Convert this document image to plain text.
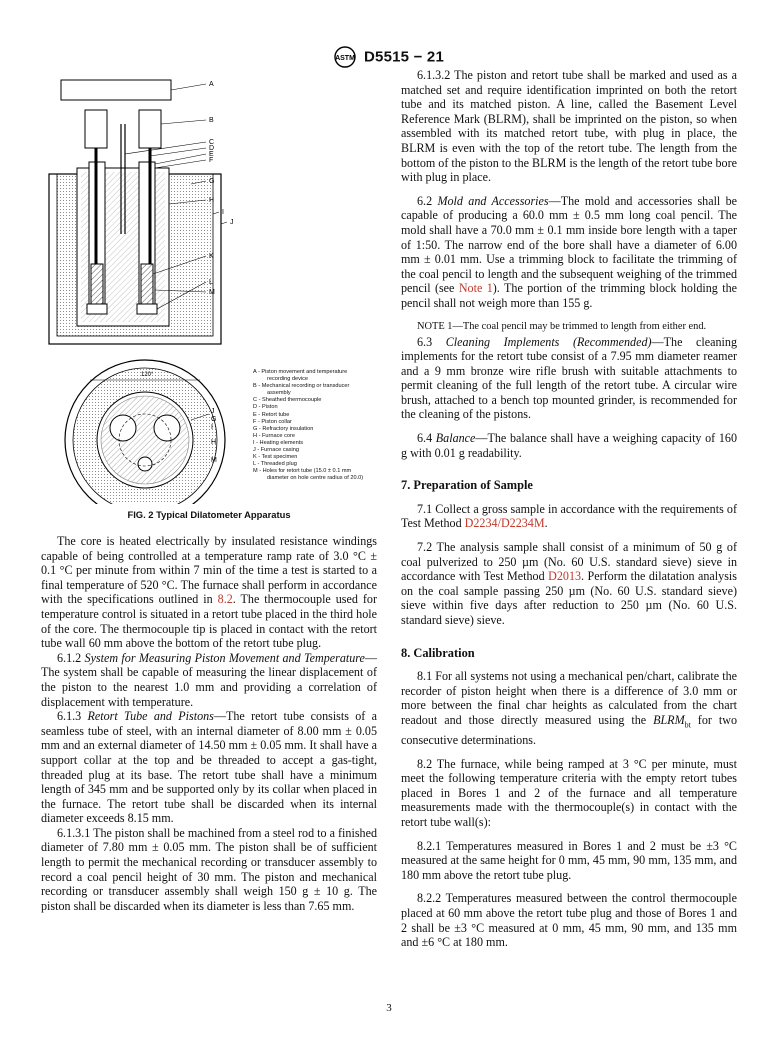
ASTM D5515 − 21
A
B
C
D
E
F
G
H
I
J
K
L
M
120°
J
G
I
H
M
A - Piston movement and temperature
recording device
B - Mechanical recording or transducer
assembly
C - Sheathed thermocouple
D - Piston
E - Retort tube
F - Piston collar
G - Refractory insulation
H - Furnace core
I - Heating elements
J - Furnace casing
K - Test specimen
L - Threaded plug
M - Holes for retort tube (15.0 ± 0.1 mm
diameter on hole centre radius of 20.0)
FIG. 2 Typical Dilatometer Apparatus

The core is heated electrically by insulated resistance windings capable of being controlled at a temperature ramp rate of 3.0 °C ± 0.1 °C per minute from within 7 min of the time a test is started to a final temperature of 520 °C. The furnace shall perform in accordance with the specifications outlined in 8.2. The thermocouple used for temperature control is situated in a retort tube placed in the third hole of the core. The thermocouple tip is placed in contact with the retort tube wall 60 mm above the bottom of the retort tube plug.

6.1.2 System for Measuring Piston Movement and Temperature—The system shall be capable of measuring the linear displacement of the piston to the nearest 1.0 mm and providing a correlation of displacement with temperature.

6.1.3 Retort Tube and Pistons—The retort tube consists of a seamless tube of steel, with an internal diameter of 8.00 mm ± 0.05 mm and an external diameter of 14.50 mm ± 0.05 mm. It shall have a support collar at the top and be threaded to accept a gas-tight, threaded plug at its base. The retort tube shall have a minimum length of 345 mm and be supported only by its collar when placed in the furnace. The retort tube shall be discarded when its internal diameter exceeds 8.15 mm.

6.1.3.1 The piston shall be machined from a steel rod to a finished diameter of 7.80 mm ± 0.05 mm. The piston shall be of sufficient length to permit the mechanical recording or transducer assembly to record a coal pencil height of 30 mm. The piston and mechanical recording or transducer assembly shall weigh 150 g ± 10 g. The piston shall be discarded when its diameter is less than 7.65 mm.

6.1.3.2 The piston and retort tube shall be marked and used as a matched set and require identification imprinted on both the retort tube and its matched piston. A line, called the Basement Level Reference Mark (BLRM), shall be imprinted on the piston, so when assembled with its matched retort tube, with plug in place, the BLRM is even with the top of the retort tube. The length from the bottom of the piston to the BLRM is the length of the retort tube bore with plug in place.

6.2 Mold and Accessories—The mold and accessories shall be capable of producing a 60.0 mm ± 0.5 mm long coal pencil. The mold shall have a 70.0 mm ± 0.1 mm inside bore length with a taper of 1:50. The narrow end of the bore shall have a diameter of 6.00 mm ± 0.01 mm. Use a trimming block to facilitate the trimming of the coal pencil to length and the subsequent weighing of the trimmed pencil (see Note 1). The portion of the trimming block holding the pencil shall not weigh more than 155 g.

NOTE 1—The coal pencil may be trimmed to length from either end.

6.3 Cleaning Implements (Recommended)—The cleaning implements for the retort tube consist of a 7.95 mm diameter reamer and a 9 mm bronze wire rifle brush with suitable attachments to permit cleaning of the full length of the retort tube. A circular wire brush, attached to a bench top mounted grinder, is recommended for the cleaning of the pistons.

6.4 Balance—The balance shall have a weighing capacity of 160 g with 0.01 g readability.

7. Preparation of Sample

7.1 Collect a gross sample in accordance with the requirements of Test Method D2234/D2234M.

7.2 The analysis sample shall consist of a minimum of 50 g of coal pulverized to 250 µm (No. 60 U.S. standard sieve) sieve in accordance with Test Method D2013. Perform the dilatation analysis on the coal sample passing 250 µm (No. 60 U.S. standard sieve) sieve within five days after reduction to 250 µm (No. 60 U.S. standard sieve) sieve.

8. Calibration

8.1 For all systems not using a mechanical pen/chart, calibrate the recorder of piston height when there is a difference of 3.0 mm or more between the final char heights as calculated from the chart readout and those directly measured using the $BLRM_{bt}$ for two consecutive determinations.

8.2 The furnace, while being ramped at 3 °C per minute, must meet the following temperature criteria with the empty retort tubes placed in Bores 1 and 2 of the furnace and all temperature measurements made with the thermocouple(s) in contact with the retort tube wall(s):

8.2.1 Temperatures measured in Bores 1 and 2 must be ±3 °C measured at the same height for 0 mm, 45 mm, 90 mm, 135 mm, and 180 mm above the retort tube plug.

8.2.2 Temperatures measured between the control thermocouple placed at 60 mm above the retort tube plug and those of Bores 1 and 2 shall be ±3 °C measured at 0 mm, 45 mm, 90 mm, and 135 mm and ±6 °C at 180 mm.

3
